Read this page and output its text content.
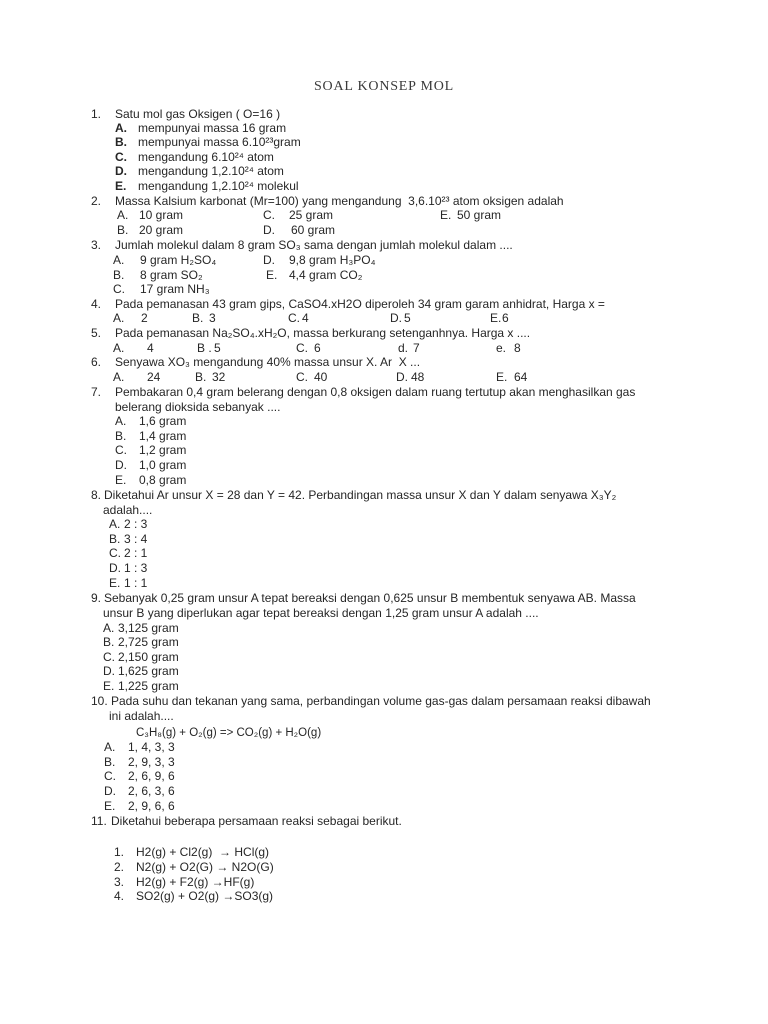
SOAL KONSEP MOL
1. Satu mol gas Oksigen ( O=16 )
A. mempunyai massa 16 gram
B. mempunyai massa 6.10²³gram
C. mengandung 6.10²⁴ atom
D. mengandung 1,2.10²⁴ atom
E. mengandung 1,2.10²⁴ molekul
2. Massa Kalsium karbonat (Mr=100) yang mengandung  3,6.10²³ atom oksigen adalah
A. 10 gram	C. 25 gram	E. 50 gram
B. 20 gram	D. 60 gram
3. Jumlah molekul dalam 8 gram SO₃ sama dengan jumlah molekul dalam ....
A. 9 gram H₂SO₄	D. 9,8 gram H₃PO₄
B. 8 gram SO₂	E. 4,4 gram CO₂
C. 17 gram NH₃
4. Pada pemanasan 43 gram gips, CaSO4.xH2O diperoleh 34 gram garam anhidrat, Harga x =
A. 2	B. 3	C. 4	D. 5	E. 6
5. Pada pemanasan Na₂SO₄.xH₂O, massa berkurang setenganhnya. Harga x ....
A. 4	B . 5	C. 6	d. 7	e. 8
6. Senyawa XO₃ mengandung 40% massa unsur X. Ar  X ...
A. 24	B. 32	C. 40	D. 48	E. 64
7. Pembakaran 0,4 gram belerang dengan 0,8 oksigen dalam ruang tertutup akan menghasilkan gas
belerang dioksida sebanyak ....
A. 1,6 gram
B. 1,4 gram
C. 1,2 gram
D. 1,0 gram
E. 0,8 gram
8. Diketahui Ar unsur X = 28 dan Y = 42. Perbandingan massa unsur X dan Y dalam senyawa X₃Y₂
adalah....
A. 2 : 3
B. 3 : 4
C. 2 : 1
D. 1 : 3
E. 1 : 1
9. Sebanyak 0,25 gram unsur A tepat bereaksi dengan 0,625 unsur B membentuk senyawa AB. Massa
unsur B yang diperlukan agar tepat bereaksi dengan 1,25 gram unsur A adalah ....
A. 3,125 gram
B. 2,725 gram
C. 2,150 gram
D. 1,625 gram
E. 1,225 gram
10. Pada suhu dan tekanan yang sama, perbandingan volume gas-gas dalam persamaan reaksi dibawah
ini adalah....
C₃H₈(g) + O₂(g) => CO₂(g) + H₂O(g)
A. 1, 4, 3, 3
B. 2, 9, 3, 3
C. 2, 6, 9, 6
D. 2, 6, 3, 6
E. 2, 9, 6, 6
11. Diketahui beberapa persamaan reaksi sebagai berikut.
1. H2(g) + Cl2(g)  → HCl(g)
2. N2(g) + O2(G) → N2O(G)
3. H2(g) + F2(g) →HF(g)
4. SO2(g) + O2(g) →SO3(g)
